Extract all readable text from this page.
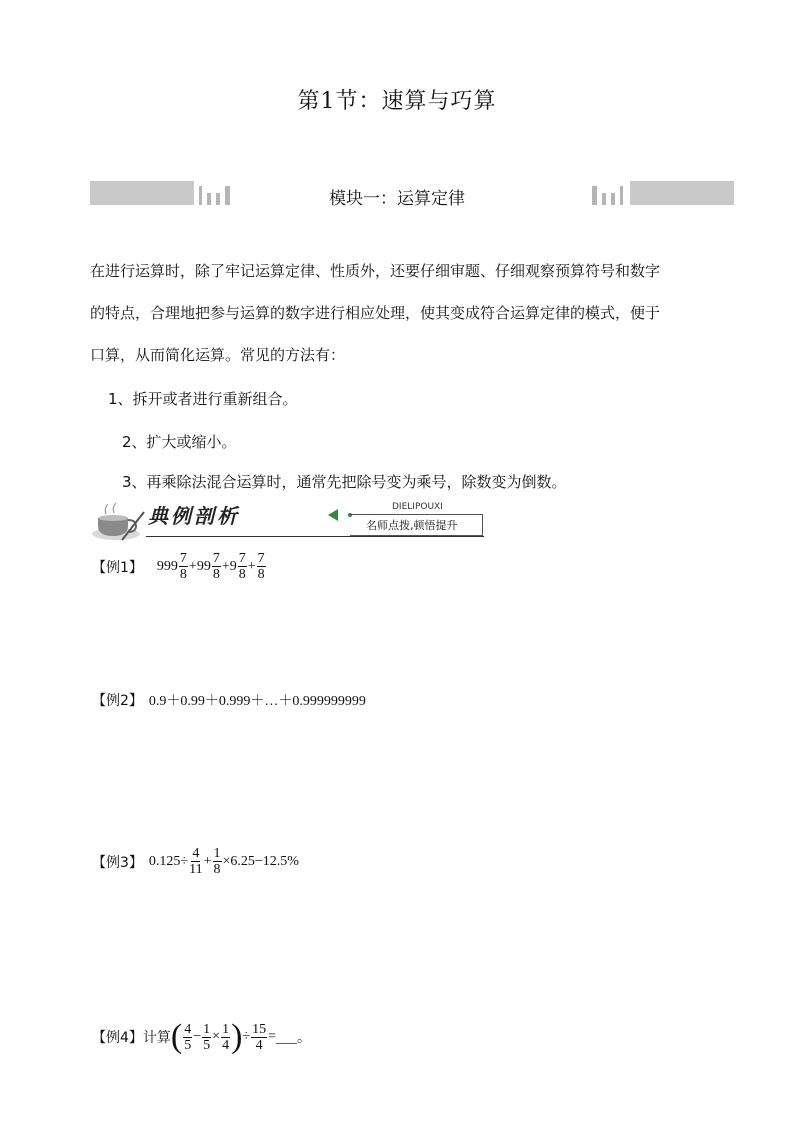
第1节：速算与巧算
模块一：运算定律

在进行运算时，除了牢记运算定律、性质外，还要仔细审题、仔细观察预算符号和数字

的特点，合理地把参与运算的数字进行相应处理，使其变成符合运算定律的模式，便于

口算，从而简化运算。常见的方法有：

1、拆开或者进行重新组合。
2、扩大或缩小。
3、再乘除法混合运算时，通常先把除号变为乘号，除数变为倒数。
典例剖析	DIELIPOUXI
名师点拨,顿悟提升
【例1】 $999 \frac{7}{8} + 99 \frac{7}{8} + 9 \frac{7}{8} + \frac{7}{8}$
【例2】 0.9＋0.99＋0.999＋…＋0.999999999
【例3】 $0.125\div \frac{4}{11} + \frac{1}{8} \times 6.25-12.5\%$
【例4】 计算 ( $\frac{4}{5} - \frac{1}{5} \times \frac{1}{4}$ ) ÷ $\frac{15}{4}$ = ___。
